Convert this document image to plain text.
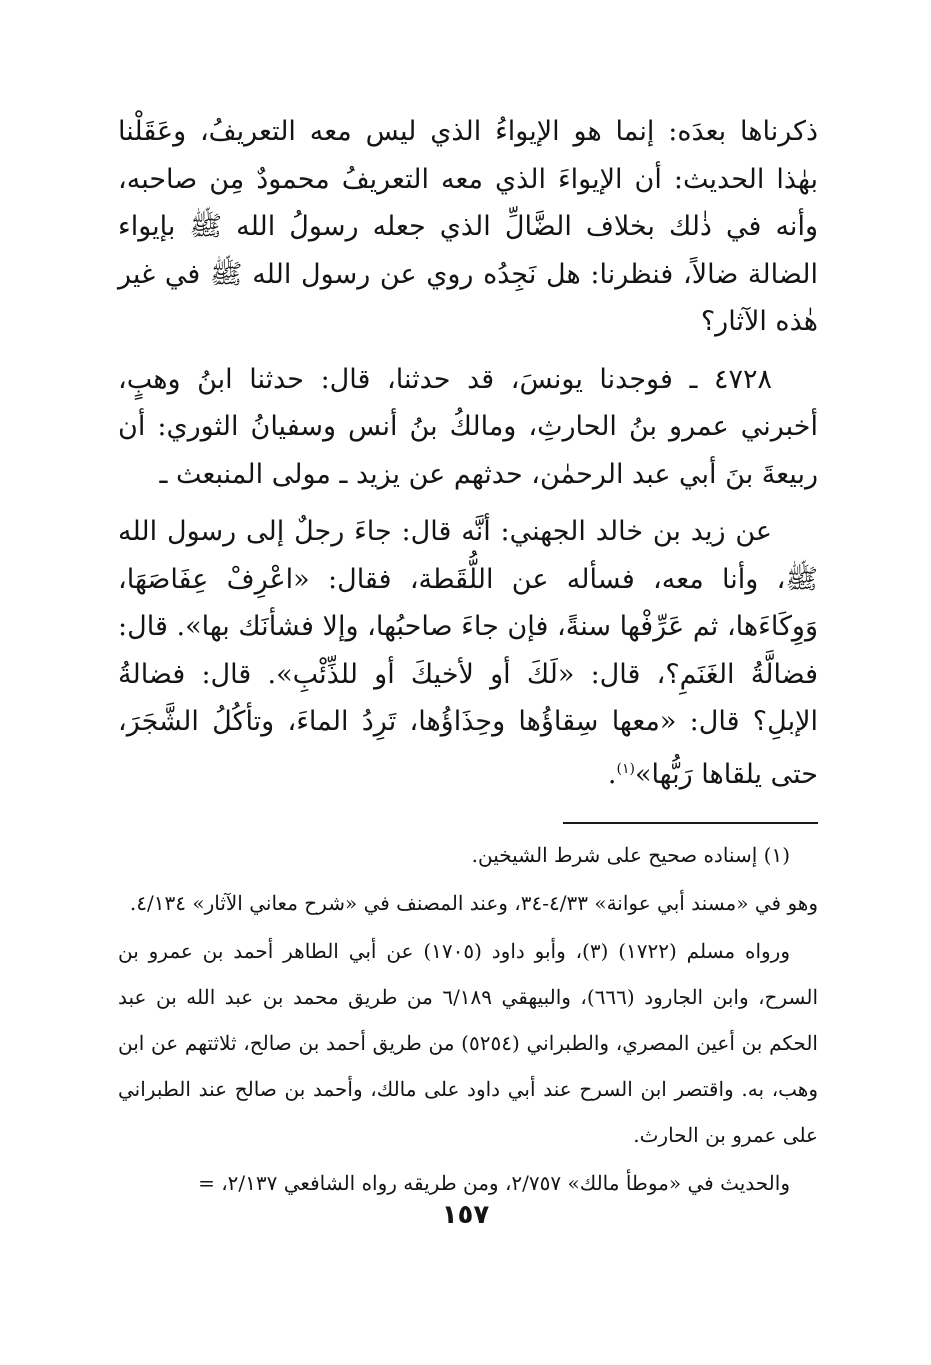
ذكرناها بعدَه: إنما هو الإيواءُ الذي ليس معه التعريفُ، وعَقَلْنا بهٰذا الحديث: أن الإيواءَ الذي معه التعريفُ محمودٌ مِن صاحبه، وأنه في ذٰلك بخلاف الضَّالِّ الذي جعله رسولُ الله ﷺ بإيواء الضالة ضالاً، فنظرنا: هل نَجِدُه روي عن رسول الله ﷺ في غير هٰذه الآثار؟

٤٧٢٨ ـ فوجدنا يونسَ، قد حدثنا، قال: حدثنا ابنُ وهبٍ، أخبرني عمرو بنُ الحارثِ، ومالكُ بنُ أنس وسفيانُ الثوري: أن ربيعةَ بنَ أبي عبد الرحمٰن، حدثهم عن يزيد ـ مولى المنبعث ـ

عن زيد بن خالد الجهني: أنَّه قال: جاءَ رجلٌ إلى رسول الله ﷺ، وأنا معه، فسأله عن اللُّقَطة، فقال: «اعْرِفْ عِفَاصَهَا، وَوِكَاءَها، ثم عَرِّفْها سنةً، فإن جاءَ صاحبُها، وإلا فشأنَك بها». قال: فضالَّةُ الغَنَمِ؟، قال: «لَكَ أو لأخيكَ أو للذِّئْبِ». قال: فضالةُ الإبلِ؟ قال: «معها سِقاؤُها وحِذَاؤُها، تَرِدُ الماءَ، وتأكُلُ الشَّجَرَ، حتى يلقاها رَبُّها»$^{(١)}$.

(١) إسناده صحيح على شرط الشيخين.

وهو في «مسند أبي عوانة» ٤/٣٣-٣٤، وعند المصنف في «شرح معاني الآثار» ٤/١٣٤.

ورواه مسلم (١٧٢٢) (٣)، وأبو داود (١٧٠٥) عن أبي الطاهر أحمد بن عمرو بن السرح، وابن الجارود (٦٦٦)، والبيهقي ٦/١٨٩ من طريق محمد بن عبد الله بن عبد الحكم بن أعين المصري، والطبراني (٥٢٥٤) من طريق أحمد بن صالح، ثلاثتهم عن ابن وهب، به. واقتصر ابن السرح عند أبي داود على مالك، وأحمد بن صالح عند الطبراني على عمرو بن الحارث.

والحديث في «موطأ مالك» ٢/٧٥٧، ومن طريقه رواه الشافعي ٢/١٣٧، =

١٥٧
